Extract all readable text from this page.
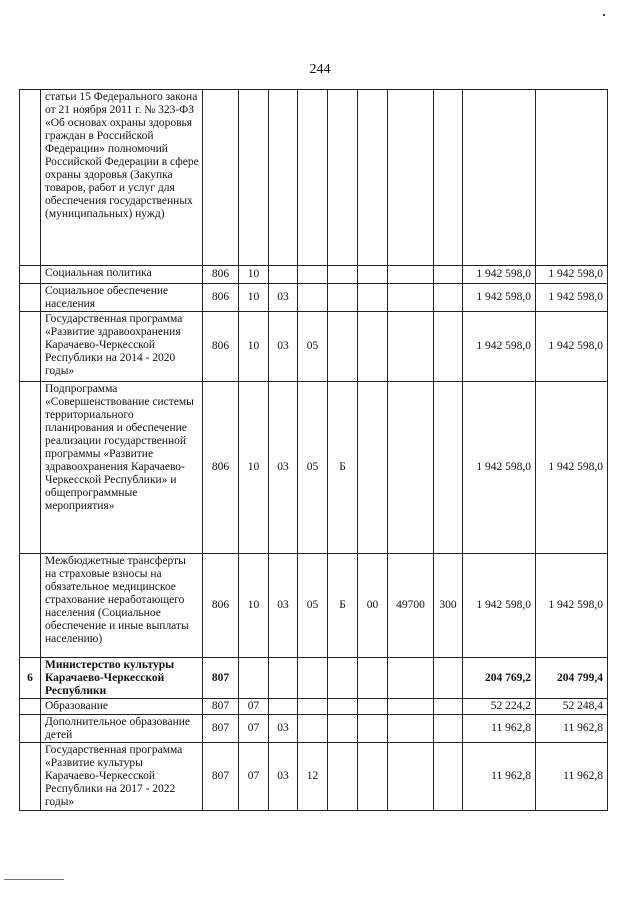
244
	статьи 15 Федерального закона от 21 ноября 2011 г. № 323-ФЗ «Об основах охраны здоровья граждан в Российской Федерации» полномочий Российской Федерации в сфере охраны здоровья (Закупка товаров, работ и услуг для обеспечения государственных (муниципальных) нужд)										
	Социальная политика	806	10							1 942 598,0	1 942 598,0
	Социальное обеспечение населения	806	10	03						1 942 598,0	1 942 598,0
	Государственная программа «Развитие здравоохранения Карачаево-Черкесской Республики на 2014 - 2020 годы»	806	10	03	05					1 942 598,0	1 942 598,0
	Подпрограмма «Совершенствование системы территориального планирования и обеспечение реализации государственной программы «Развитие здравоохранения Карачаево-Черкесской Республики» и общепрограммные мероприятия»	806	10	03	05	Б				1 942 598,0	1 942 598,0
	Межбюджетные трансферты на страховые взносы на обязательное медицинское страхование неработающего населения (Социальное обеспечение и иные выплаты населению)	806	10	03	05	Б	00	49700	300	1 942 598,0	1 942 598,0
6	Министерство культуры Карачаево-Черкесской Республики	807								204 769,2	204 799,4
	Образование	807	07							52 224,2	52 248,4
	Дополнительное образование детей	807	07	03						11 962,8	11 962,8
	Государственная программа «Развитие культуры Карачаево-Черкесской Республики на 2017 - 2022 годы»	807	07	03	12					11 962,8	11 962,8
